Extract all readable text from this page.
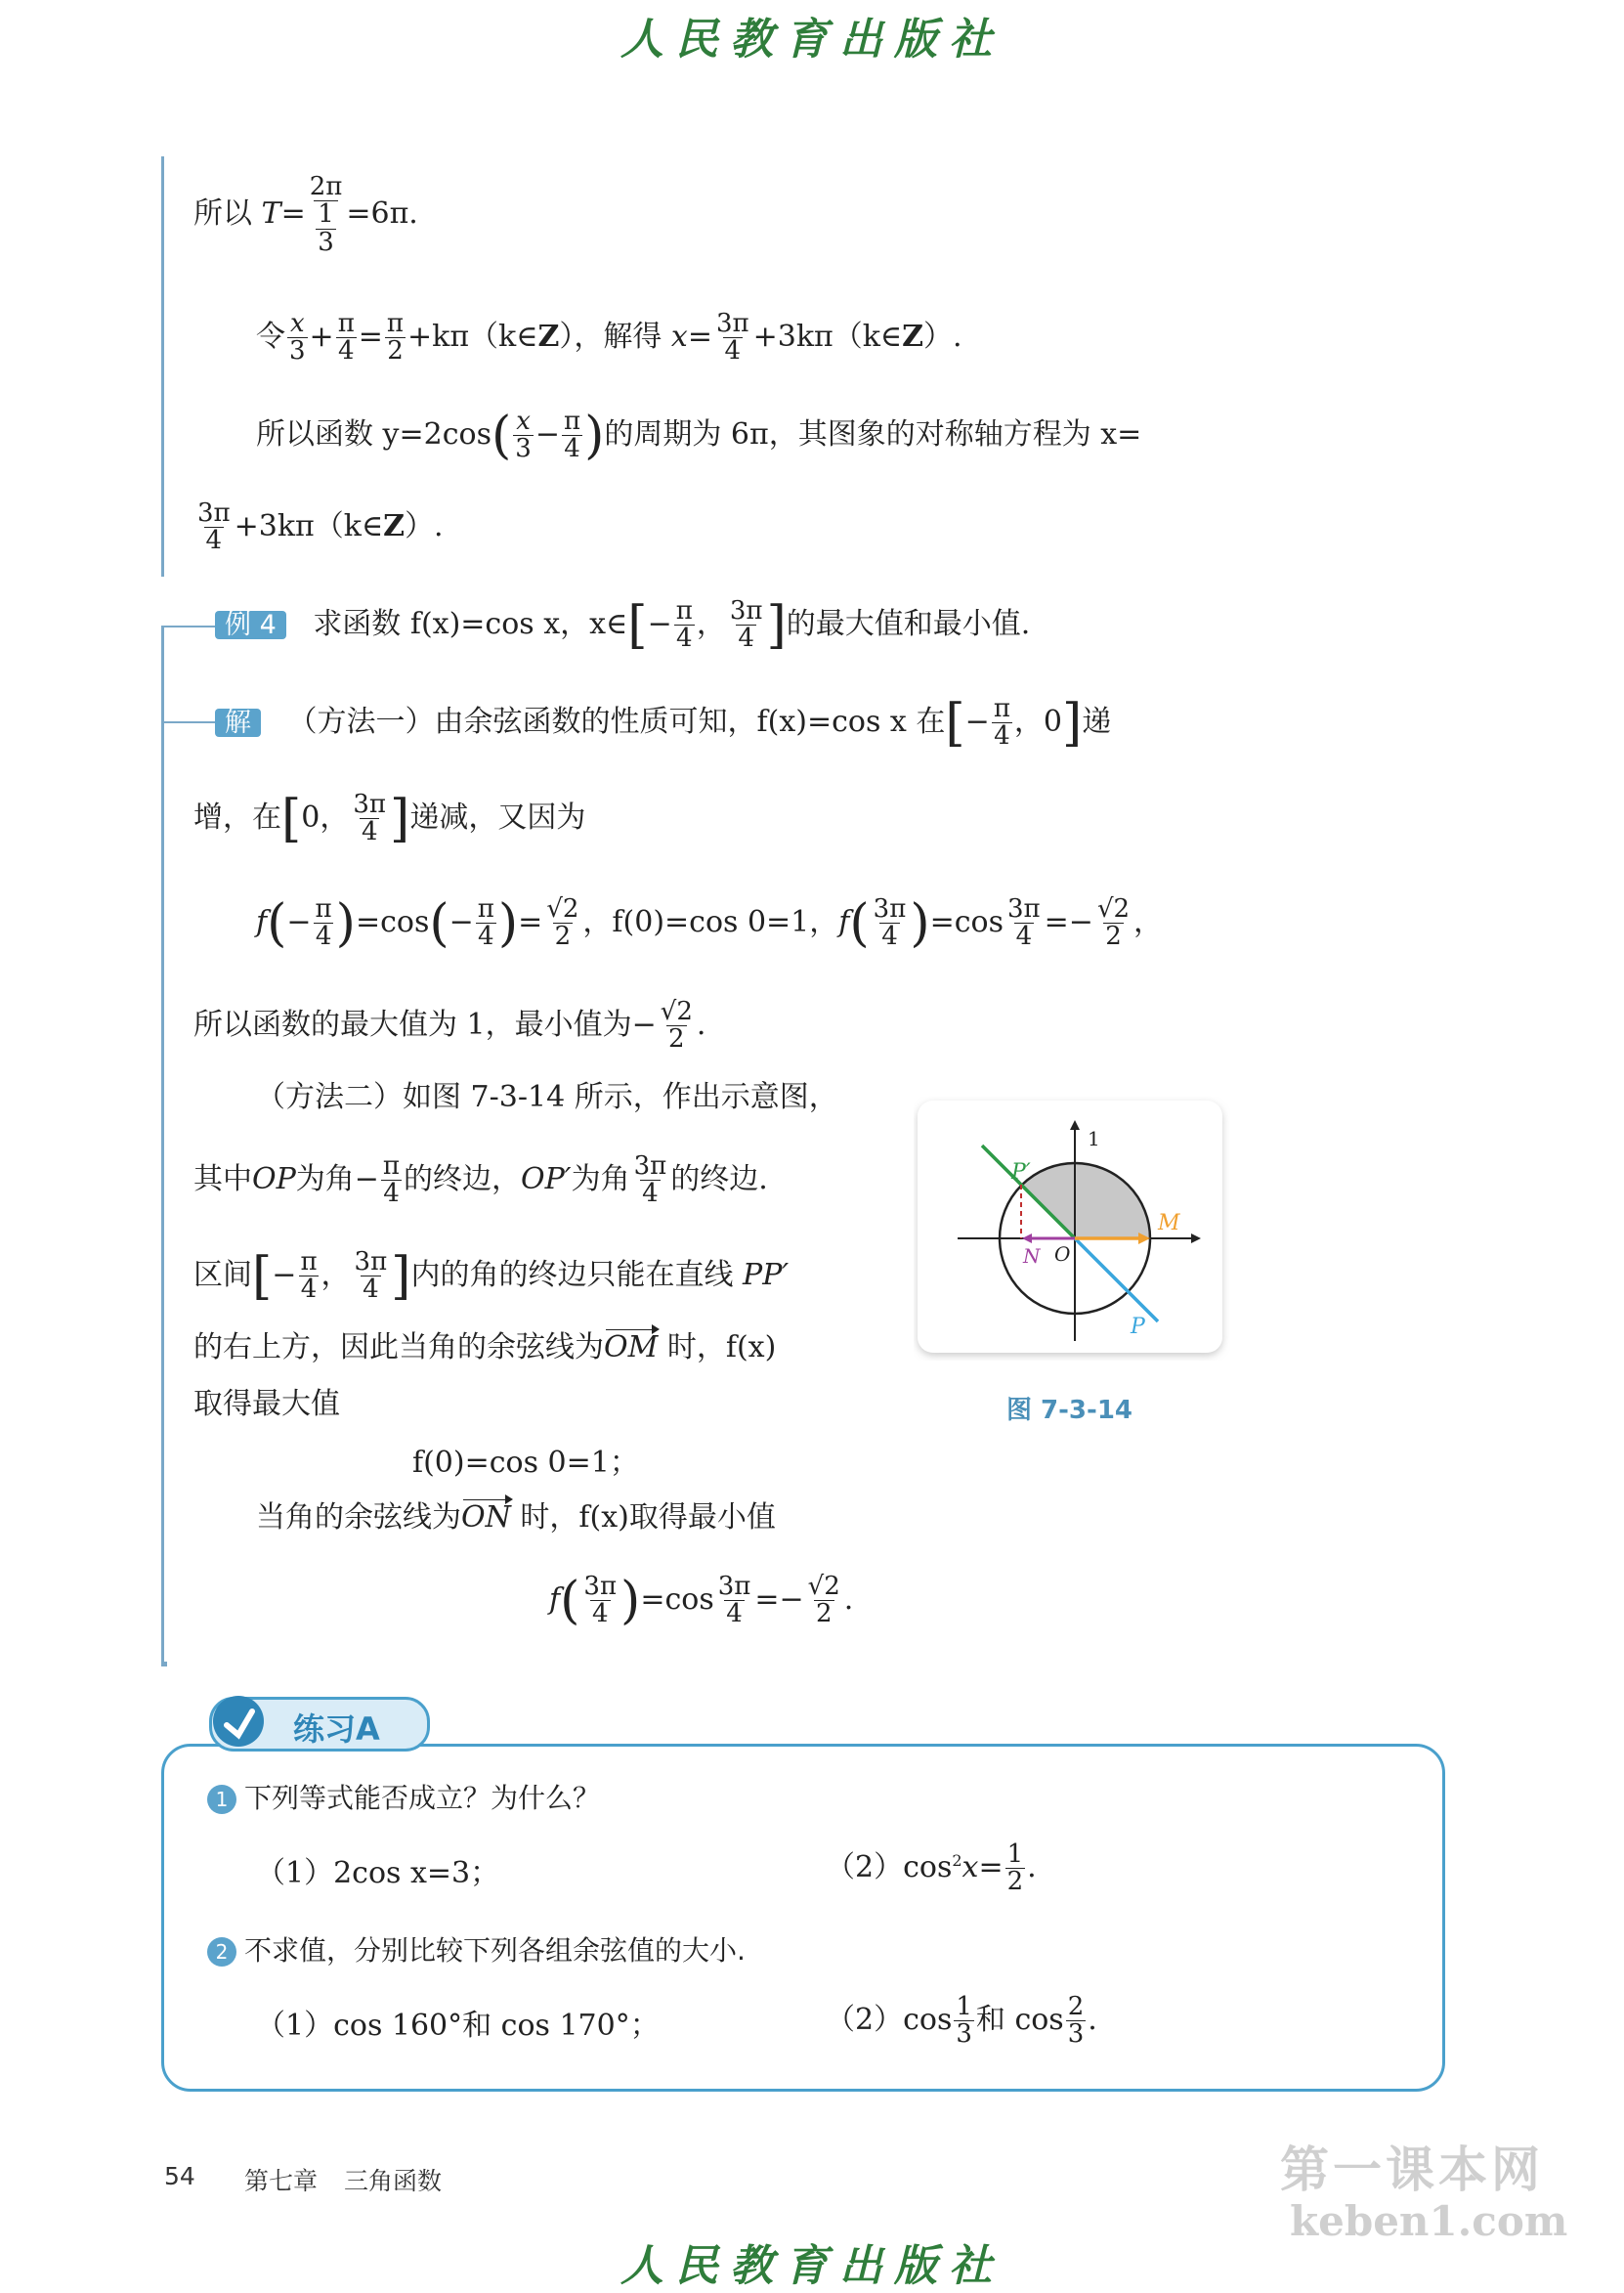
人民教育出版社
所以 $T= \frac{2\pi}{\frac{1}{3}} =6\pi$.
令 $\frac{x}{3} + \frac{\pi}{4} = \frac{\pi}{2}$ +kπ（k∈Z），解得 $x= \frac{3\pi}{4}$ +3kπ（k∈Z）.
所以函数 $y=2\cos( \frac{x}{3} - \frac{\pi}{4}$ )的周期为 6π，其图象的对称轴方程为 x=
$\frac{3\pi}{4}$ +3kπ（k∈Z）.
例 4 求函数 f(x)=cos x，x∈[− $\frac{\pi}{4}$ ， $\frac{3\pi}{4}$ ]的最大值和最小值.
解 （方法一）由余弦函数的性质可知，f(x)=cos x 在[− $\frac{\pi}{4}$ ，0]递
增，在[0， $\frac{3\pi}{4}$ ]递减，又因为
$f(- \frac{\pi}{4} )=\cos(- \frac{\pi}{4}$ )= $\frac{√2}{2}$ ，f(0)=cos 0=1，$f( \frac{3\pi}{4} )=\cos \frac{3\pi}{4} =- \frac{√2}{2}$ ，
所以函数的最大值为 1，最小值为− $\frac{√2}{2}$ .
（方法二）如图 7-3-14 所示，作出示意图，
其中OP为角− $\frac{\pi}{4}$ 的终边，OP′为角 $\frac{3\pi}{4}$ 的终边.
区间[− $\frac{\pi}{4}$ ， $\frac{3\pi}{4}$ ]内的角的终边只能在直线 PP′
的右上方，因此当角的余弦线为OM 时，f(x)
取得最大值
f(0)=cos 0=1；
当角的余弦线为ON 时，f(x)取得最小值
$f( \frac{3\pi}{4} )=\cos \frac{3\pi}{4} =- \frac{√2}{2}$ .
P′
1
M
N O
P
图 7-3-14
练习A
1 下列等式能否成立？为什么？
（1）2cos x=3；	$(2)\cos^2x= \frac{1}{2}$ .
2 不求值，分别比较下列各组余弦值的大小.
（1）cos 160°和 cos 170°；	$(2)\cos \frac{1}{3}$ 和 $\cos \frac{2}{3}$ .
54 第七章 三角函数	第一课本网
keben1.com
人民教育出版社
